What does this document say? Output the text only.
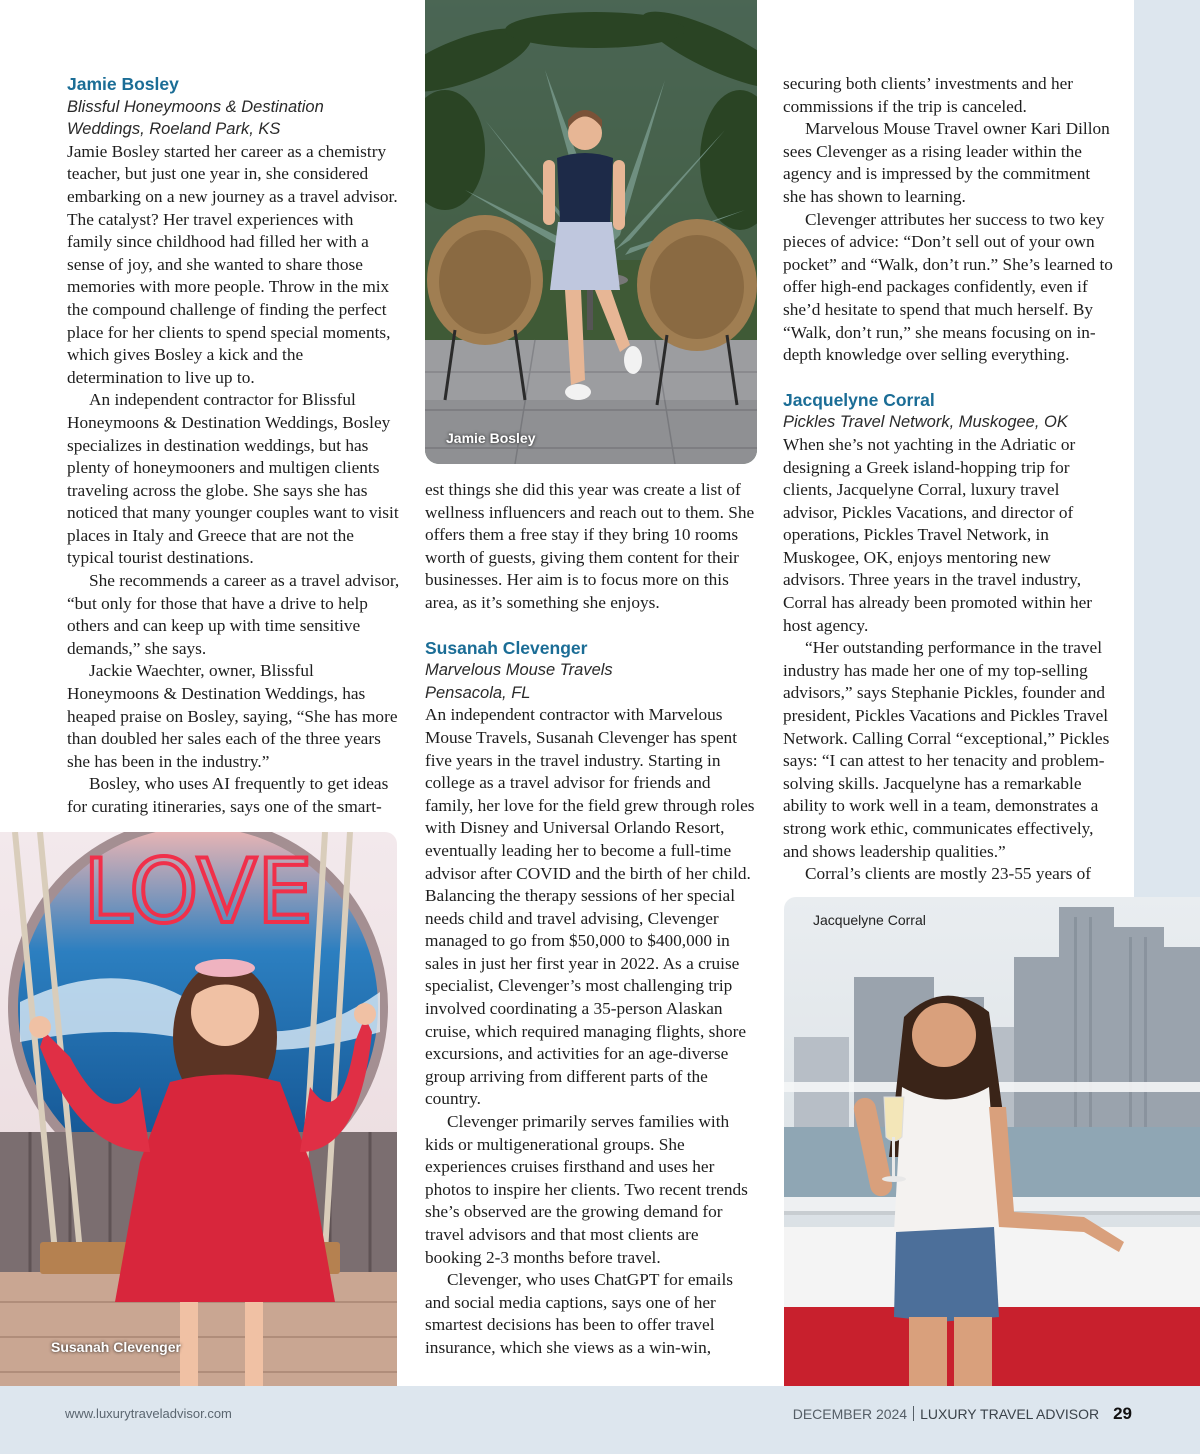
Jamie Bosley

Blissful Honeymoons & Destination

Weddings, Roeland Park, KS

Jamie Bosley started her career as a chemistry teacher, but just one year in, she considered embarking on a new journey as a travel advisor. The catalyst? Her travel experiences with family since childhood had filled her with a sense of joy, and she wanted to share those memories with more people. Throw in the mix the compound challenge of finding the perfect place for her clients to spend special moments, which gives Bosley a kick and the determination to live up to.

An independent contractor for Blissful Honeymoons & Destination Weddings, Bosley specializes in destination weddings, but has plenty of honeymooners and multigen clients traveling across the globe. She says she has noticed that many younger couples want to visit places in Italy and Greece that are not the typical tourist destinations.

She recommends a career as a travel advisor, “but only for those that have a drive to help others and can keep up with time sensitive demands,” she says.

Jackie Waechter, owner, Blissful Honeymoons & Destination Weddings, has heaped praise on Bosley, saying, “She has more than doubled her sales each of the three years she has been in the industry.”

Bosley, who uses AI frequently to get ideas for curating itineraries, says one of the smart-

est things she did this year was create a list of wellness influencers and reach out to them. She offers them a free stay if they bring 10 rooms worth of guests, giving them content for their businesses. Her aim is to focus more on this area, as it’s something she enjoys.

Susanah Clevenger

Marvelous Mouse Travels

Pensacola, FL

An independent contractor with Marvelous Mouse Travels, Susanah Clevenger has spent five years in the travel industry. Starting in college as a travel advisor for friends and family, her love for the field grew through roles with Disney and Universal Orlando Resort, eventually leading her to become a full-time advisor after COVID and the birth of her child. Balancing the therapy sessions of her special needs child and travel advising, Clevenger managed to go from $50,000 to $400,000 in sales in just her first year in 2022. As a cruise specialist, Clevenger’s most challenging trip involved coordinating a 35-person Alaskan cruise, which required managing flights, shore excursions, and activities for an age-diverse group arriving from different parts of the country.

Clevenger primarily serves families with kids or multigenerational groups. She experiences cruises firsthand and uses her photos to inspire her clients. Two recent trends she’s observed are the growing demand for travel advisors and that most clients are booking 2-3 months before travel.

Clevenger, who uses ChatGPT for emails and social media captions, says one of her smartest decisions has been to offer travel insurance, which she views as a win-win,

securing both clients’ investments and her commissions if the trip is canceled.

Marvelous Mouse Travel owner Kari Dillon sees Clevenger as a rising leader within the agency and is impressed by the commitment she has shown to learning.

Clevenger attributes her success to two key pieces of advice: “Don’t sell out of your own pocket” and “Walk, don’t run.” She’s learned to offer high-end packages confidently, even if she’d hesitate to spend that much herself. By “Walk, don’t run,” she means focusing on in-depth knowledge over selling everything.

Jacquelyne Corral

Pickles Travel Network, Muskogee, OK

When she’s not yachting in the Adriatic or designing a Greek island-hopping trip for clients, Jacquelyne Corral, luxury travel advisor, Pickles Vacations, and director of operations, Pickles Travel Network, in Muskogee, OK, enjoys mentoring new advisors. Three years in the travel industry, Corral has already been promoted within her host agency.

“Her outstanding performance in the travel industry has made her one of my top-selling advisors,” says Stephanie Pickles, founder and president, Pickles Vacations and Pickles Travel Network. Calling Corral “exceptional,” Pickles says: “I can attest to her tenacity and problem-solving skills. Jacquelyne has a remarkable ability to work well in a team, demonstrates a strong work ethic, communicates effectively, and shows leadership qualities.”

Corral’s clients are mostly 23-55 years of

Jamie Bosley
LOVE
Susanah Clevenger
Jacquelyne Corral
www.luxurytraveladvisor.com	DECEMBER 2024 LUXURY TRAVEL ADVISOR 29
